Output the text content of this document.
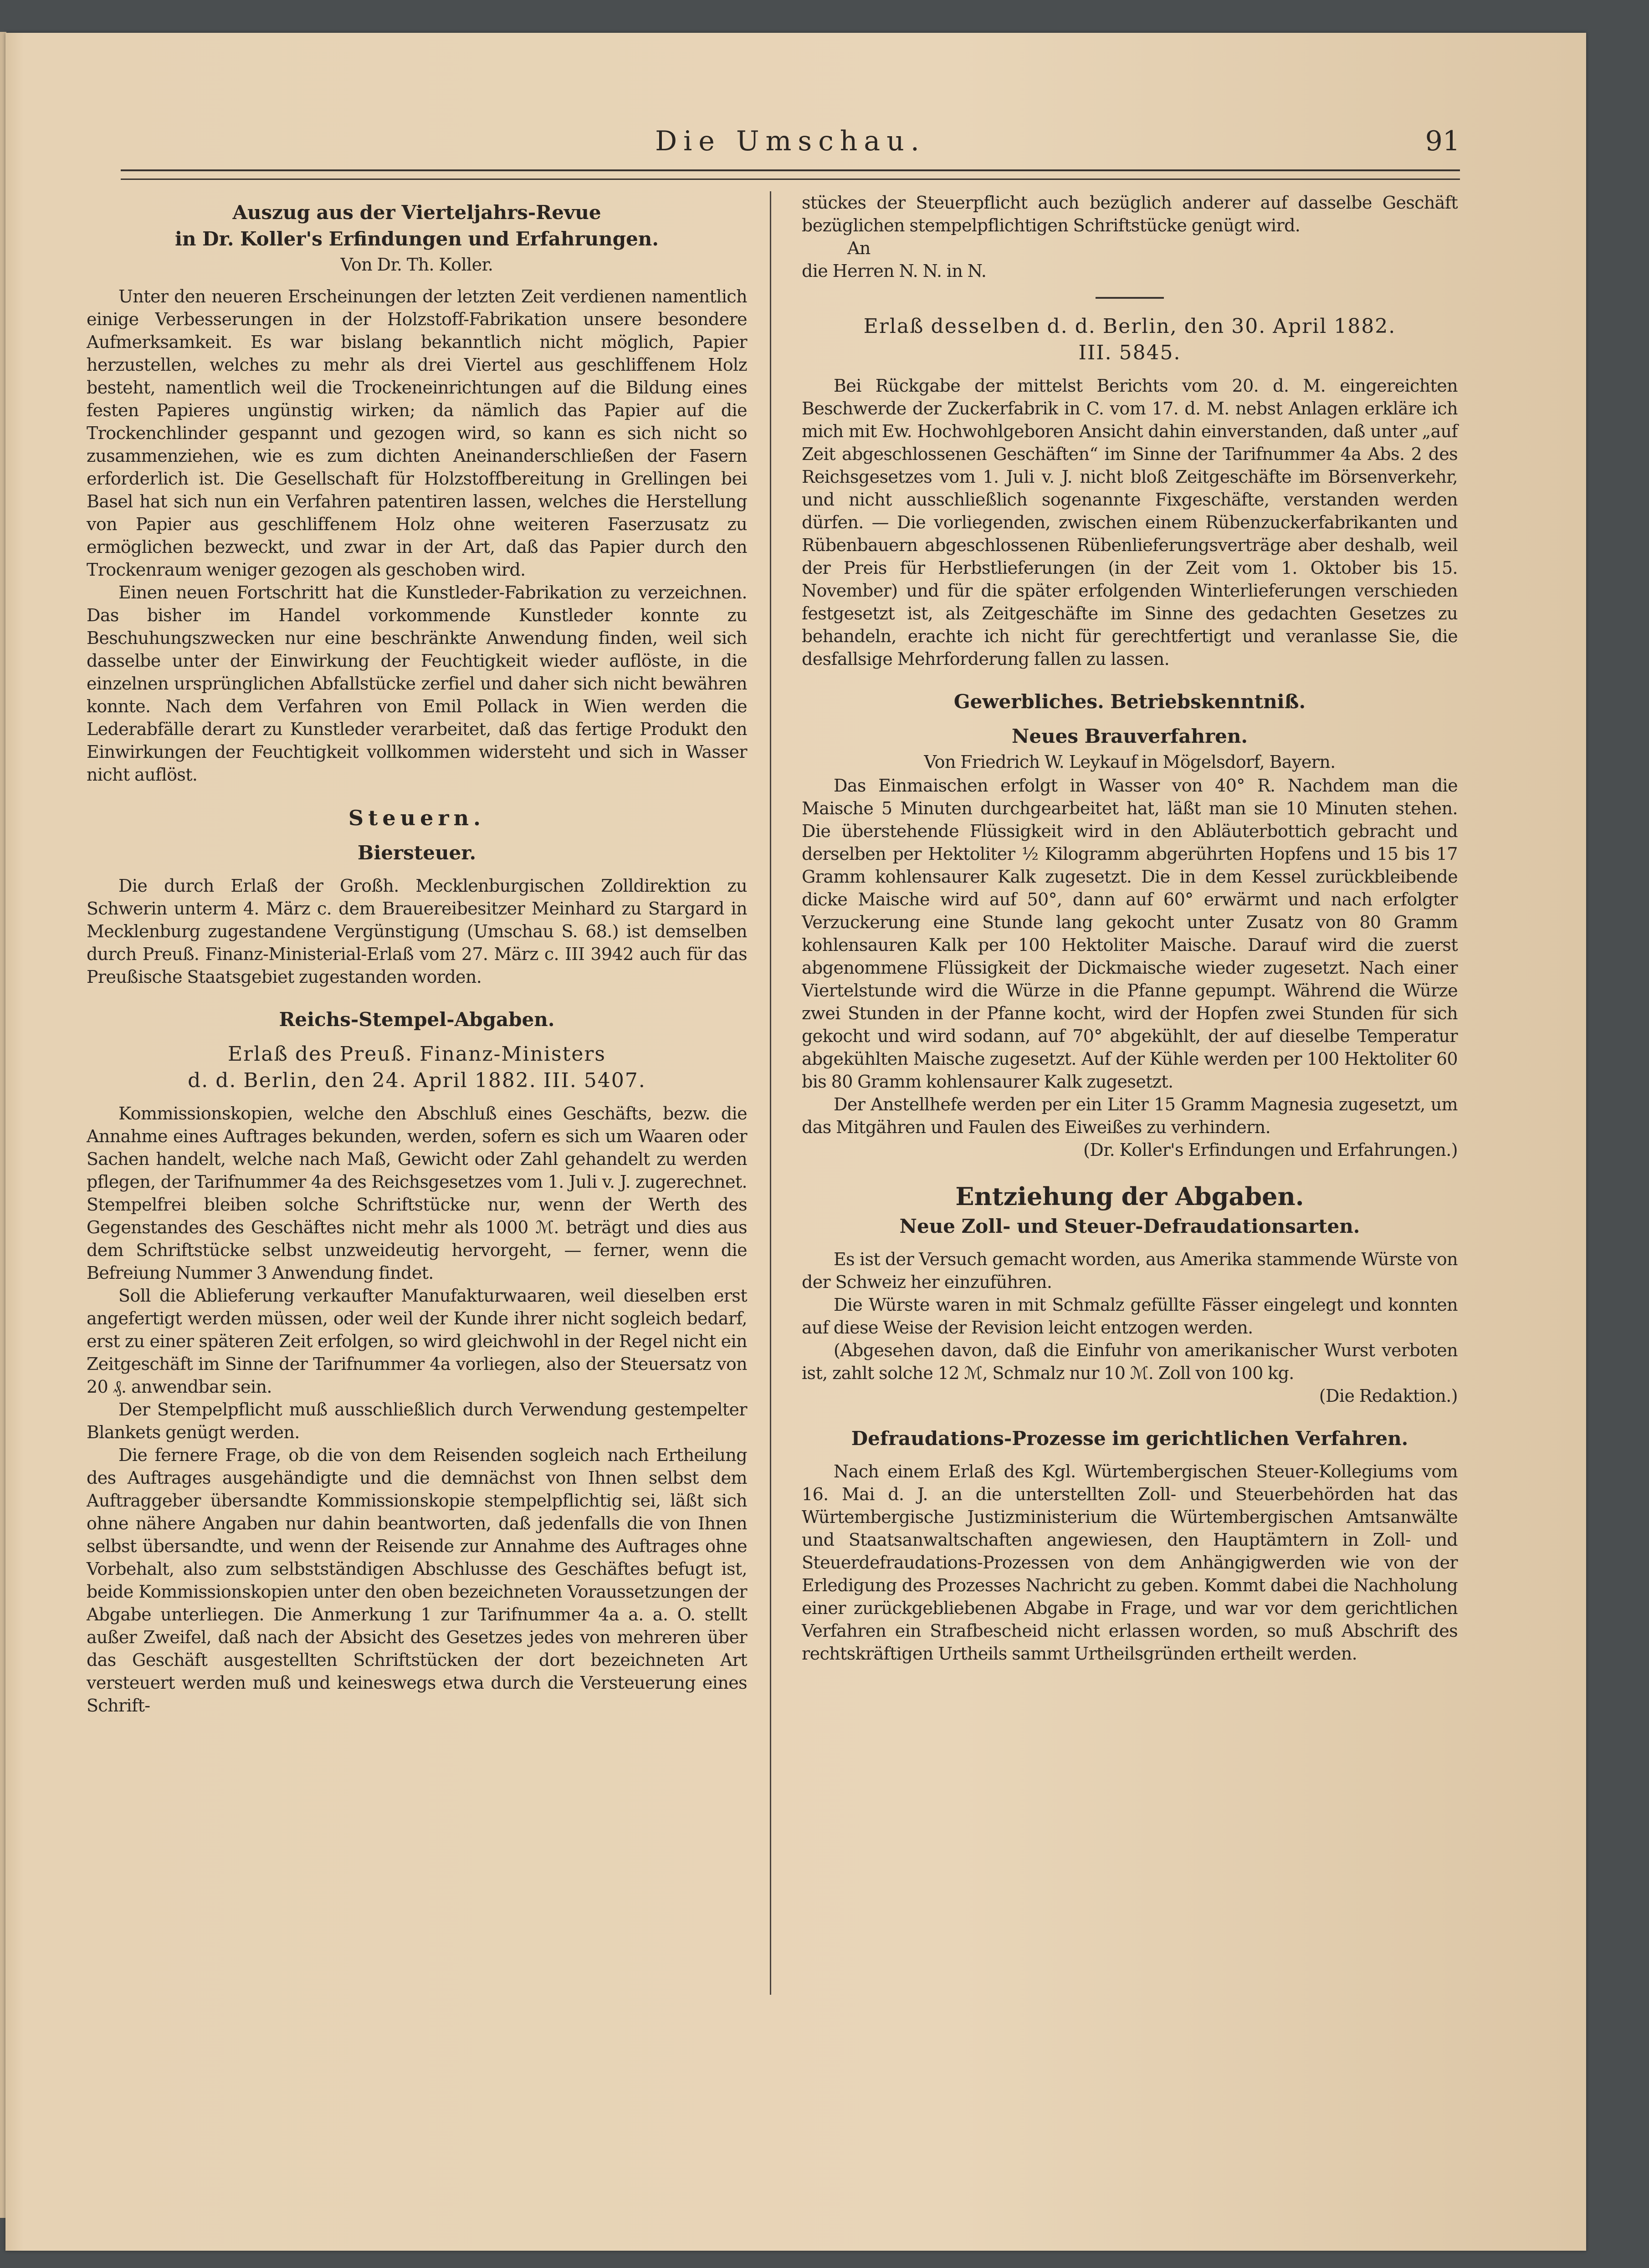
Die Umschau.	91

Auszug aus der Vierteljahrs-Revue

in Dr. Koller's Erfindungen und Erfahrungen.

Von Dr. Th. Koller.

Unter den neueren Erscheinungen der letzten Zeit verdienen namentlich einige Verbesserungen in der Holzstoff-Fabrikation unsere besondere Aufmerksamkeit. Es war bislang bekanntlich nicht möglich, Papier herzustellen, welches zu mehr als drei Viertel aus geschliffenem Holz besteht, namentlich weil die Trockeneinrichtungen auf die Bildung eines festen Papieres ungünstig wirken; da nämlich das Papier auf die Trockenchlinder gespannt und gezogen wird, so kann es sich nicht so zusammenziehen, wie es zum dichten Aneinanderschließen der Fasern erforderlich ist. Die Gesellschaft für Holzstoffbereitung in Grellingen bei Basel hat sich nun ein Verfahren patentiren lassen, welches die Herstellung von Papier aus geschliffenem Holz ohne weiteren Faserzusatz zu ermöglichen bezweckt, und zwar in der Art, daß das Papier durch den Trockenraum weniger gezogen als geschoben wird.

Einen neuen Fortschritt hat die Kunstleder-Fabrikation zu verzeichnen. Das bisher im Handel vorkommende Kunstleder konnte zu Beschuhungszwecken nur eine beschränkte Anwendung finden, weil sich dasselbe unter der Einwirkung der Feuchtigkeit wieder auflöste, in die einzelnen ursprünglichen Abfallstücke zerfiel und daher sich nicht bewähren konnte. Nach dem Verfahren von Emil Pollack in Wien werden die Lederabfälle derart zu Kunstleder verarbeitet, daß das fertige Produkt den Einwirkungen der Feuchtigkeit vollkommen widersteht und sich in Wasser nicht auflöst.

Steuern.

Biersteuer.

Die durch Erlaß der Großh. Mecklenburgischen Zolldirektion zu Schwerin unterm 4. März c. dem Brauereibesitzer Meinhard zu Stargard in Mecklenburg zugestandene Vergünstigung (Umschau S. 68.) ist demselben durch Preuß. Finanz-Ministerial-Erlaß vom 27. März c. III 3942 auch für das Preußische Staatsgebiet zugestanden worden.

Reichs-Stempel-Abgaben.

Erlaß des Preuß. Finanz-Ministers

d. d. Berlin, den 24. April 1882. III. 5407.

Kommissionskopien, welche den Abschluß eines Geschäfts, bezw. die Annahme eines Auftrages bekunden, werden, sofern es sich um Waaren oder Sachen handelt, welche nach Maß, Gewicht oder Zahl gehandelt zu werden pflegen, der Tarifnummer 4a des Reichsgesetzes vom 1. Juli v. J. zugerechnet. Stempelfrei bleiben solche Schriftstücke nur, wenn der Werth des Gegenstandes des Geschäftes nicht mehr als 1000 ℳ. beträgt und dies aus dem Schriftstücke selbst unzweideutig hervorgeht, — ferner, wenn die Befreiung Nummer 3 Anwendung findet.

Soll die Ablieferung verkaufter Manufakturwaaren, weil dieselben erst angefertigt werden müssen, oder weil der Kunde ihrer nicht sogleich bedarf, erst zu einer späteren Zeit erfolgen, so wird gleichwohl in der Regel nicht ein Zeitgeschäft im Sinne der Tarifnummer 4a vorliegen, also der Steuersatz von 20 ₰. anwendbar sein.

Der Stempelpflicht muß ausschließlich durch Verwendung gestempelter Blankets genügt werden.

Die fernere Frage, ob die von dem Reisenden sogleich nach Ertheilung des Auftrages ausgehändigte und die demnächst von Ihnen selbst dem Auftraggeber übersandte Kommissionskopie stempelpflichtig sei, läßt sich ohne nähere Angaben nur dahin beantworten, daß jedenfalls die von Ihnen selbst übersandte, und wenn der Reisende zur Annahme des Auftrages ohne Vorbehalt, also zum selbstständigen Abschlusse des Geschäftes befugt ist, beide Kommissionskopien unter den oben bezeichneten Voraussetzungen der Abgabe unterliegen. Die Anmerkung 1 zur Tarifnummer 4a a. a. O. stellt außer Zweifel, daß nach der Absicht des Gesetzes jedes von mehreren über das Geschäft ausgestellten Schriftstücken der dort bezeichneten Art versteuert werden muß und keineswegs etwa durch die Versteuerung eines Schrift-

stückes der Steuerpflicht auch bezüglich anderer auf dasselbe Geschäft bezüglichen stempelpflichtigen Schriftstücke genügt wird.

An

die Herren N. N. in N.

Erlaß desselben d. d. Berlin, den 30. April 1882.

III. 5845.

Bei Rückgabe der mittelst Berichts vom 20. d. M. eingereichten Beschwerde der Zuckerfabrik in C. vom 17. d. M. nebst Anlagen erkläre ich mich mit Ew. Hochwohlgeboren Ansicht dahin einverstanden, daß unter „auf Zeit abgeschlossenen Geschäften“ im Sinne der Tarifnummer 4a Abs. 2 des Reichsgesetzes vom 1. Juli v. J. nicht bloß Zeitgeschäfte im Börsenverkehr, und nicht ausschließlich sogenannte Fixgeschäfte, verstanden werden dürfen. — Die vorliegenden, zwischen einem Rübenzuckerfabrikanten und Rübenbauern abgeschlossenen Rübenlieferungsverträge aber deshalb, weil der Preis für Herbstlieferungen (in der Zeit vom 1. Oktober bis 15. November) und für die später erfolgenden Winterlieferungen verschieden festgesetzt ist, als Zeitgeschäfte im Sinne des gedachten Gesetzes zu behandeln, erachte ich nicht für gerechtfertigt und veranlasse Sie, die desfallsige Mehrforderung fallen zu lassen.

Gewerbliches. Betriebskenntniß.

Neues Brauverfahren.

Von Friedrich W. Leykauf in Mögelsdorf, Bayern.

Das Einmaischen erfolgt in Wasser von 40° R. Nachdem man die Maische 5 Minuten durchgearbeitet hat, läßt man sie 10 Minuten stehen. Die überstehende Flüssigkeit wird in den Abläuterbottich gebracht und derselben per Hektoliter ½ Kilogramm abgerührten Hopfens und 15 bis 17 Gramm kohlensaurer Kalk zugesetzt. Die in dem Kessel zurückbleibende dicke Maische wird auf 50°, dann auf 60° erwärmt und nach erfolgter Verzuckerung eine Stunde lang gekocht unter Zusatz von 80 Gramm kohlensauren Kalk per 100 Hektoliter Maische. Darauf wird die zuerst abgenommene Flüssigkeit der Dickmaische wieder zugesetzt. Nach einer Viertelstunde wird die Würze in die Pfanne gepumpt. Während die Würze zwei Stunden in der Pfanne kocht, wird der Hopfen zwei Stunden für sich gekocht und wird sodann, auf 70° abgekühlt, der auf dieselbe Temperatur abgekühlten Maische zugesetzt. Auf der Kühle werden per 100 Hektoliter 60 bis 80 Gramm kohlensaurer Kalk zugesetzt.

Der Anstellhefe werden per ein Liter 15 Gramm Magnesia zugesetzt, um das Mitgähren und Faulen des Eiweißes zu verhindern.

(Dr. Koller's Erfindungen und Erfahrungen.)

Entziehung der Abgaben.

Neue Zoll- und Steuer-Defraudationsarten.

Es ist der Versuch gemacht worden, aus Amerika stammende Würste von der Schweiz her einzuführen.

Die Würste waren in mit Schmalz gefüllte Fässer eingelegt und konnten auf diese Weise der Revision leicht entzogen werden.

(Abgesehen davon, daß die Einfuhr von amerikanischer Wurst verboten ist, zahlt solche 12 ℳ, Schmalz nur 10 ℳ. Zoll von 100 kg.

(Die Redaktion.)

Defraudations-Prozesse im gerichtlichen Verfahren.

Nach einem Erlaß des Kgl. Würtembergischen Steuer-Kollegiums vom 16. Mai d. J. an die unterstellten Zoll- und Steuerbehörden hat das Würtembergische Justizministerium die Würtembergischen Amtsanwälte und Staatsanwaltschaften angewiesen, den Hauptämtern in Zoll- und Steuerdefraudations-Prozessen von dem Anhängigwerden wie von der Erledigung des Prozesses Nachricht zu geben. Kommt dabei die Nachholung einer zurückgebliebenen Abgabe in Frage, und war vor dem gerichtlichen Verfahren ein Strafbescheid nicht erlassen worden, so muß Abschrift des rechtskräftigen Urtheils sammt Urtheilsgründen ertheilt werden.
